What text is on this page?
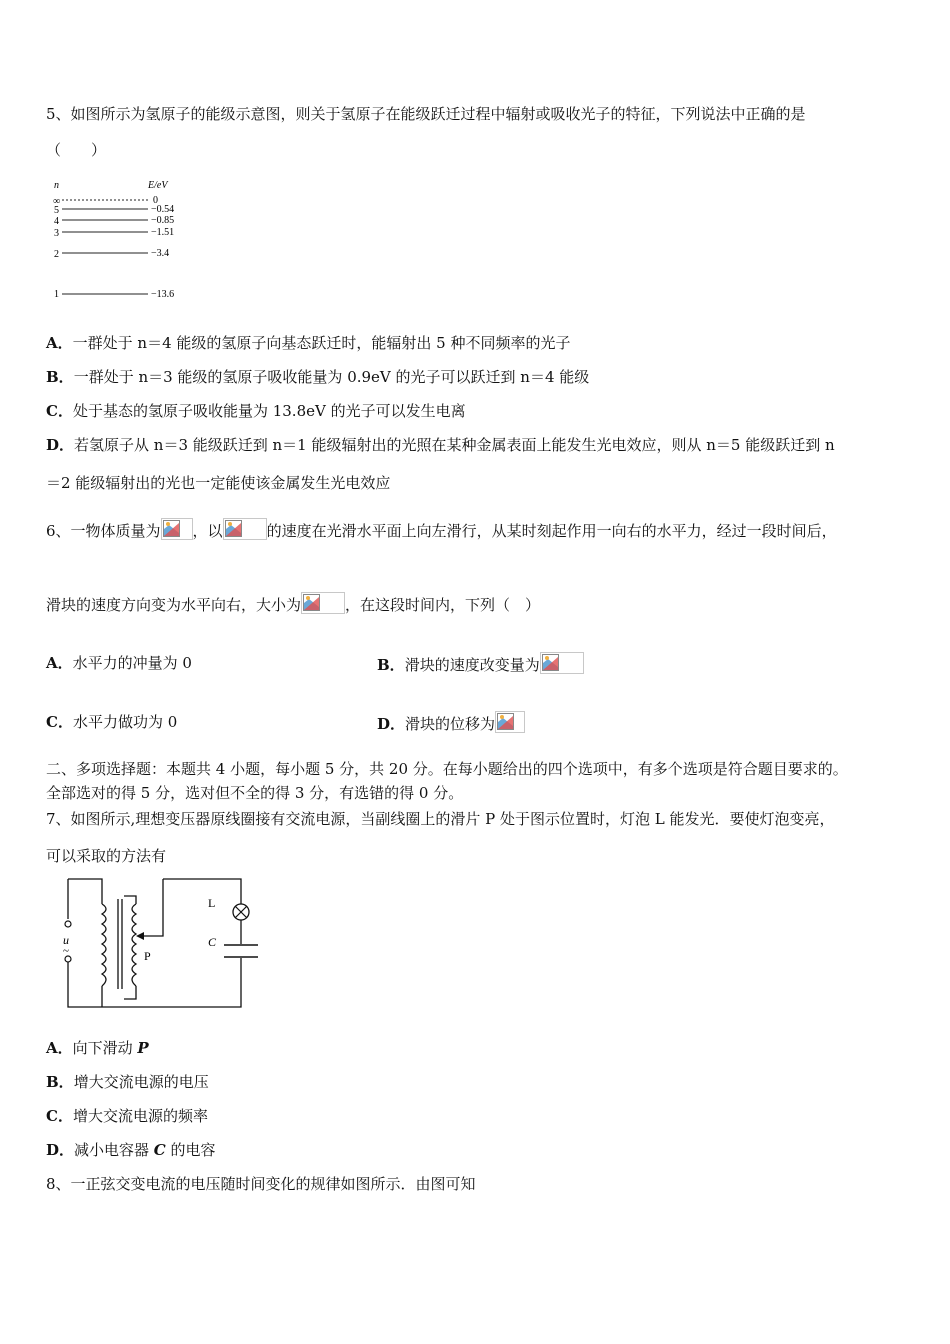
5、如图所示为氢原子的能级示意图，则关于氢原子在能级跃迁过程中辐射或吸收光子的特征，下列说法中正确的是
（　　）
n	E/eV
∞	0
5	−0.54
4	−0.85
3	−1.51
2	−3.4
1	−13.6
A．一群处于 n＝4 能级的氢原子向基态跃迁时，能辐射出 5 种不同频率的光子
B．一群处于 n＝3 能级的氢原子吸收能量为 0.9eV 的光子可以跃迁到 n＝4 能级
C．处于基态的氢原子吸收能量为 13.8eV 的光子可以发生电离
D．若氢原子从 n＝3 能级跃迁到 n＝1 能级辐射出的光照在某种金属表面上能发生光电效应，则从 n＝5 能级跃迁到 n
＝2 能级辐射出的光也一定能使该金属发生光电效应
6、一物体质量为 ，以	的速度在光滑水平面上向左滑行，从某时刻起作用一向右的水平力，经过一段时间后，
滑块的速度方向变为水平向右，大小为	，在这段时间内，下列（　）
A．水平力的冲量为 0	B．滑块的速度改变量为
C．水平力做功为 0	D．滑块的位移为
二、多项选择题：本题共 4 小题，每小题 5 分，共 20 分。在每小题给出的四个选项中，有多个选项是符合题目要求的。
全部选对的得 5 分，选对但不全的得 3 分，有选错的得 0 分。
7、如图所示,理想变压器原线圈接有交流电源，当副线圈上的滑片 P 处于图示位置时，灯泡 L 能发光．要使灯泡变亮，
可以采取的方法有
u
~	P
L
C
A．向下滑动 P
B．增大交流电源的电压
C．增大交流电源的频率
D．减小电容器 C 的电容
8、一正弦交变电流的电压随时间变化的规律如图所示．由图可知
